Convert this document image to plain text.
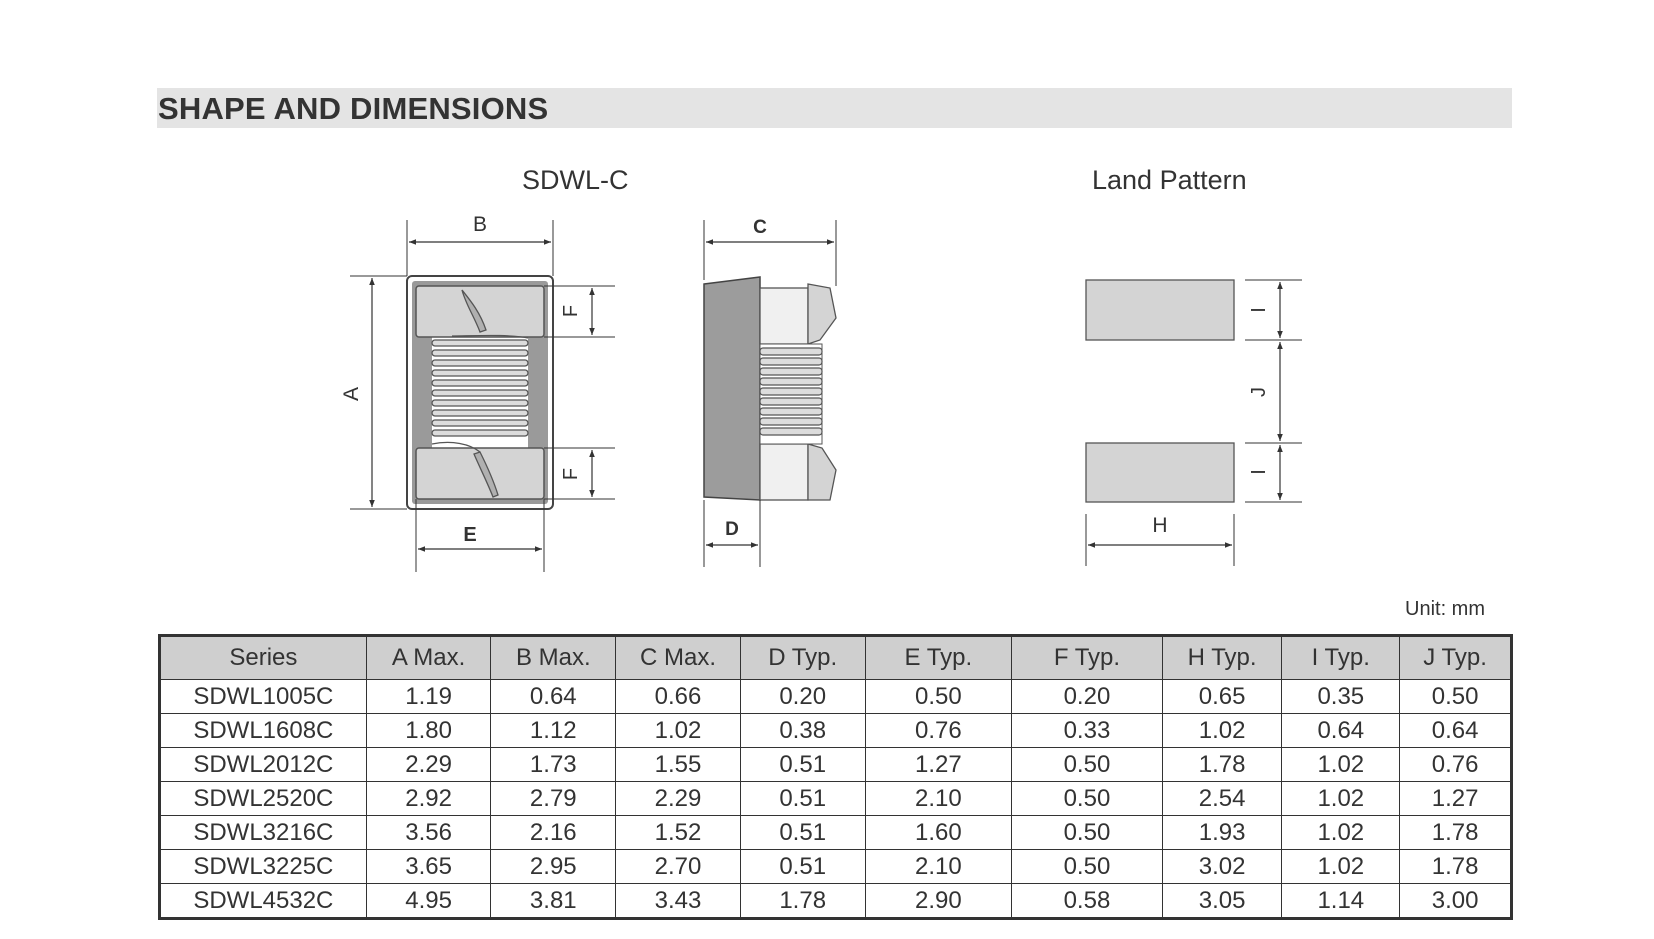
SHAPE AND DIMENSIONS
SDWL-C	Land Pattern
B
A
F
F
E
C
D
I
J
I
H
Unit: mm
Series	A Max.	B Max.	C Max.	D Typ.	E Typ.	F Typ.	H Typ.	I Typ.	J Typ.
SDWL1005C	1.19	0.64	0.66	0.20	0.50	0.20	0.65	0.35	0.50
SDWL1608C	1.80	1.12	1.02	0.38	0.76	0.33	1.02	0.64	0.64
SDWL2012C	2.29	1.73	1.55	0.51	1.27	0.50	1.78	1.02	0.76
SDWL2520C	2.92	2.79	2.29	0.51	2.10	0.50	2.54	1.02	1.27
SDWL3216C	3.56	2.16	1.52	0.51	1.60	0.50	1.93	1.02	1.78
SDWL3225C	3.65	2.95	2.70	0.51	2.10	0.50	3.02	1.02	1.78
SDWL4532C	4.95	3.81	3.43	1.78	2.90	0.58	3.05	1.14	3.00
